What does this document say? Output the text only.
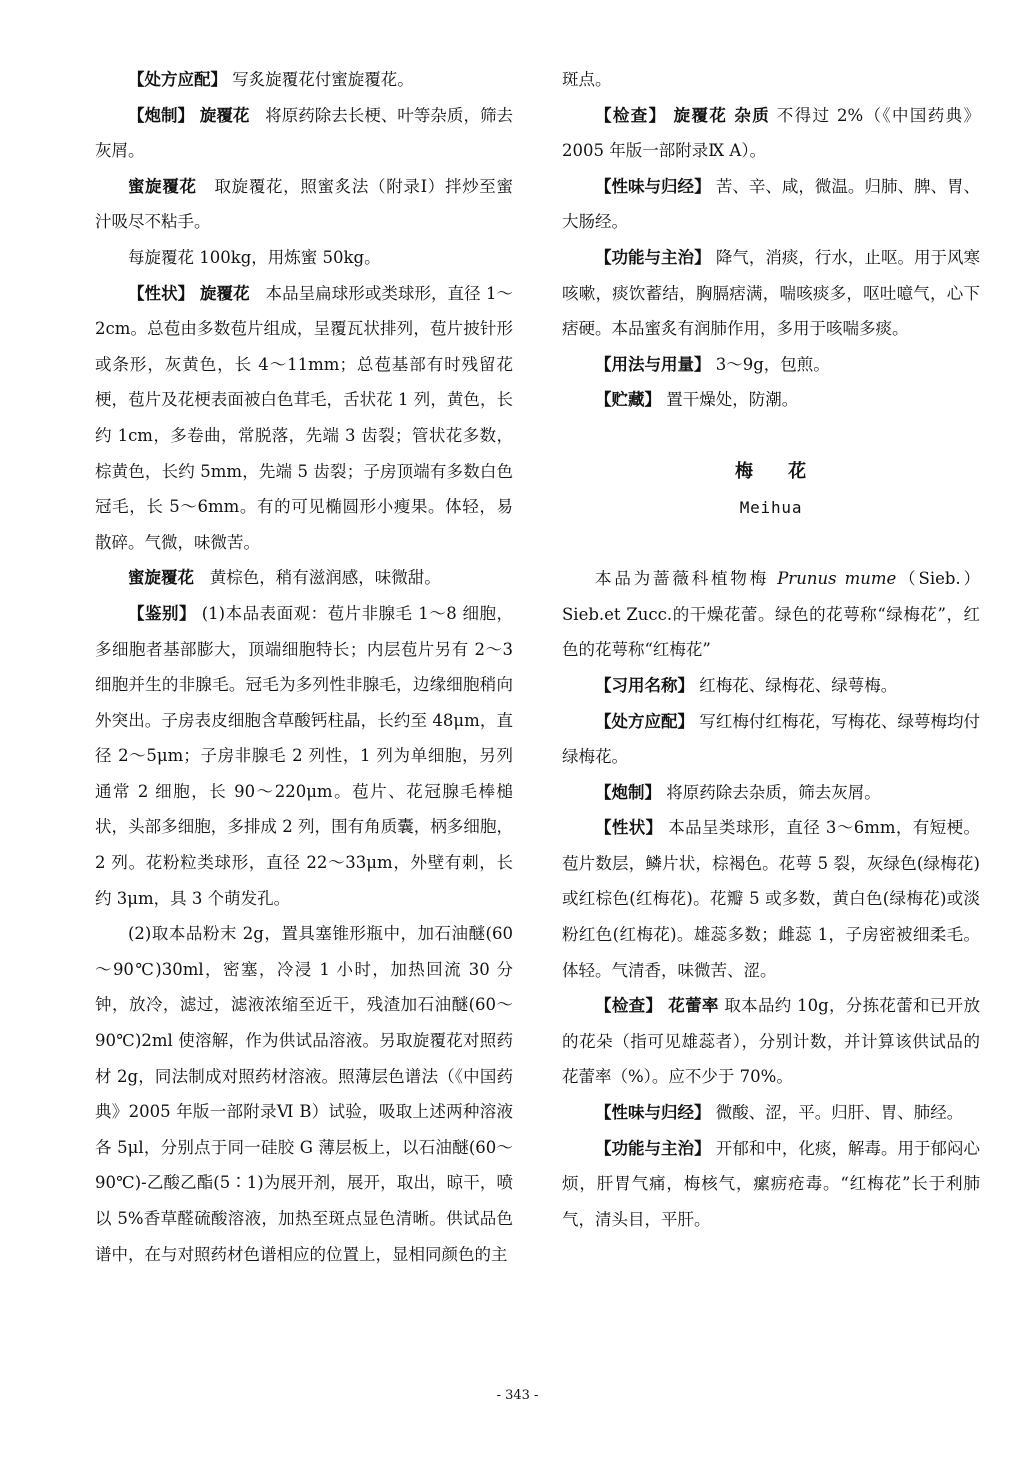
【处方应配】 写炙旋覆花付蜜旋覆花。

【炮制】 旋覆花 将原药除去长梗、叶等杂质，筛去灰屑。

蜜旋覆花 取旋覆花，照蜜炙法（附录Ⅰ）拌炒至蜜汁吸尽不粘手。

每旋覆花 100kg，用炼蜜 50kg。

【性状】 旋覆花 本品呈扁球形或类球形，直径 1～2cm。总苞由多数苞片组成，呈覆瓦状排列，苞片披针形或条形，灰黄色，长 4～11mm；总苞基部有时残留花梗，苞片及花梗表面被白色茸毛，舌状花 1 列，黄色，长约 1cm，多卷曲，常脱落，先端 3 齿裂；管状花多数，棕黄色，长约 5mm，先端 5 齿裂；子房顶端有多数白色冠毛，长 5～6mm。有的可见椭圆形小瘦果。体轻，易散碎。气微，味微苦。

蜜旋覆花 黄棕色，稍有滋润感，味微甜。

【鉴别】 (1)本品表面观：苞片非腺毛 1～8 细胞，多细胞者基部膨大，顶端细胞特长；内层苞片另有 2～3 细胞并生的非腺毛。冠毛为多列性非腺毛，边缘细胞稍向外突出。子房表皮细胞含草酸钙柱晶，长约至 48μm，直径 2～5μm；子房非腺毛 2 列性，1 列为单细胞，另列通常 2 细胞，长 90～220μm。苞片、花冠腺毛棒槌状，头部多细胞，多排成 2 列，围有角质囊，柄多细胞，2 列。花粉粒类球形，直径 22～33μm，外壁有刺，长约 3μm，具 3 个萌发孔。

(2)取本品粉末 2g，置具塞锥形瓶中，加石油醚(60～90℃)30ml，密塞，冷浸 1 小时，加热回流 30 分钟，放冷，滤过，滤液浓缩至近干，残渣加石油醚(60～90℃)2ml 使溶解，作为供试品溶液。另取旋覆花对照药材 2g，同法制成对照药材溶液。照薄层色谱法（《中国药典》2005 年版一部附录Ⅵ B）试验，吸取上述两种溶液各 5μl，分别点于同一硅胶 G 薄层板上，以石油醚(60～90℃)-乙酸乙酯(5∶1)为展开剂，展开，取出，晾干，喷以 5%香草醛硫酸溶液，加热至斑点显色清晰。供试品色谱中，在与对照药材色谱相应的位置上，显相同颜色的主

斑点。

【检查】 旋覆花 杂质 不得过 2%（《中国药典》2005 年版一部附录Ⅸ A）。

【性味与归经】 苦、辛、咸，微温。归肺、脾、胃、大肠经。

【功能与主治】 降气，消痰，行水，止呕。用于风寒咳嗽，痰饮蓄结，胸膈痞满，喘咳痰多，呕吐噫气，心下痞硬。本品蜜炙有润肺作用，多用于咳喘多痰。

【用法与用量】 3～9g，包煎。

【贮藏】 置干燥处，防潮。

梅 花

Meihua

本品为蔷薇科植物梅 Prunus mume（Sieb.）Sieb.et Zucc.的干燥花蕾。绿色的花萼称“绿梅花”，红色的花萼称“红梅花”

【习用名称】 红梅花、绿梅花、绿萼梅。

【处方应配】 写红梅付红梅花，写梅花、绿萼梅均付绿梅花。

【炮制】 将原药除去杂质，筛去灰屑。

【性状】 本品呈类球形，直径 3～6mm，有短梗。苞片数层，鳞片状，棕褐色。花萼 5 裂，灰绿色(绿梅花)或红棕色(红梅花)。花瓣 5 或多数，黄白色(绿梅花)或淡粉红色(红梅花)。雄蕊多数；雌蕊 1，子房密被细柔毛。体轻。气清香，味微苦、涩。

【检查】 花蕾率 取本品约 10g，分拣花蕾和已开放的花朵（指可见雄蕊者），分别计数，并计算该供试品的花蕾率（%）。应不少于 70%。

【性味与归经】 微酸、涩，平。归肝、胃、肺经。

【功能与主治】 开郁和中，化痰，解毒。用于郁闷心烦，肝胃气痛，梅核气，瘰疬疮毒。“红梅花”长于利肺气，清头目，平肝。

- 343 -
